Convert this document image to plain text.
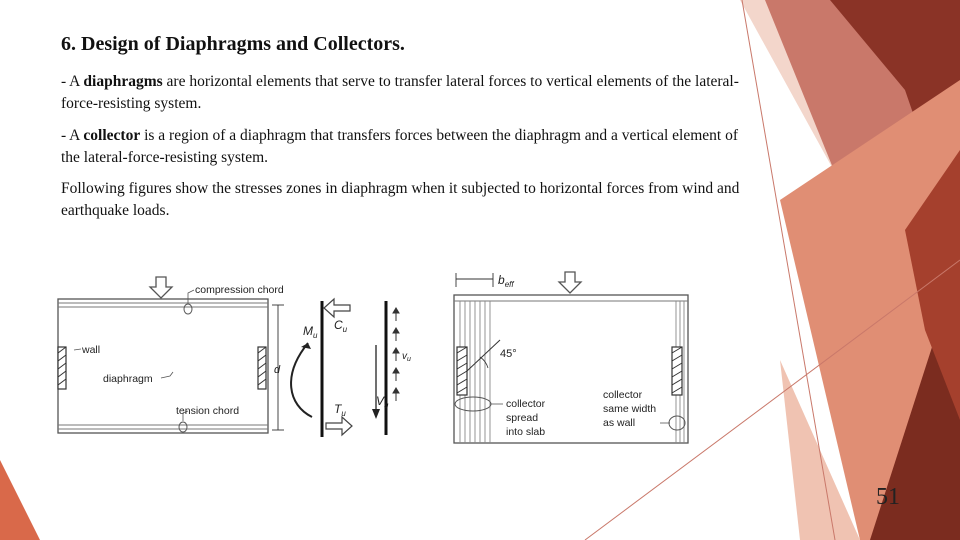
6. Design of Diaphragms and Collectors.
- A diaphragms are horizontal elements that serve to transfer lateral forces to vertical elements of the lateral-force-resisting system.
- A collector is a region of a diaphragm that transfers forces between the diaphragm and a vertical element of the lateral-force-resisting system.
Following figures show the stresses zones in diaphragm when it subjected to horizontal forces from wind and earthquake loads.
compression chord
wall
diaphragm
tension chord
d
$M_u$
$C_u$
$T_u$
$v_u$
$V_u$
$b_{eff}$
45°
collector
spread
into slab
collector
same width
as wall
51
